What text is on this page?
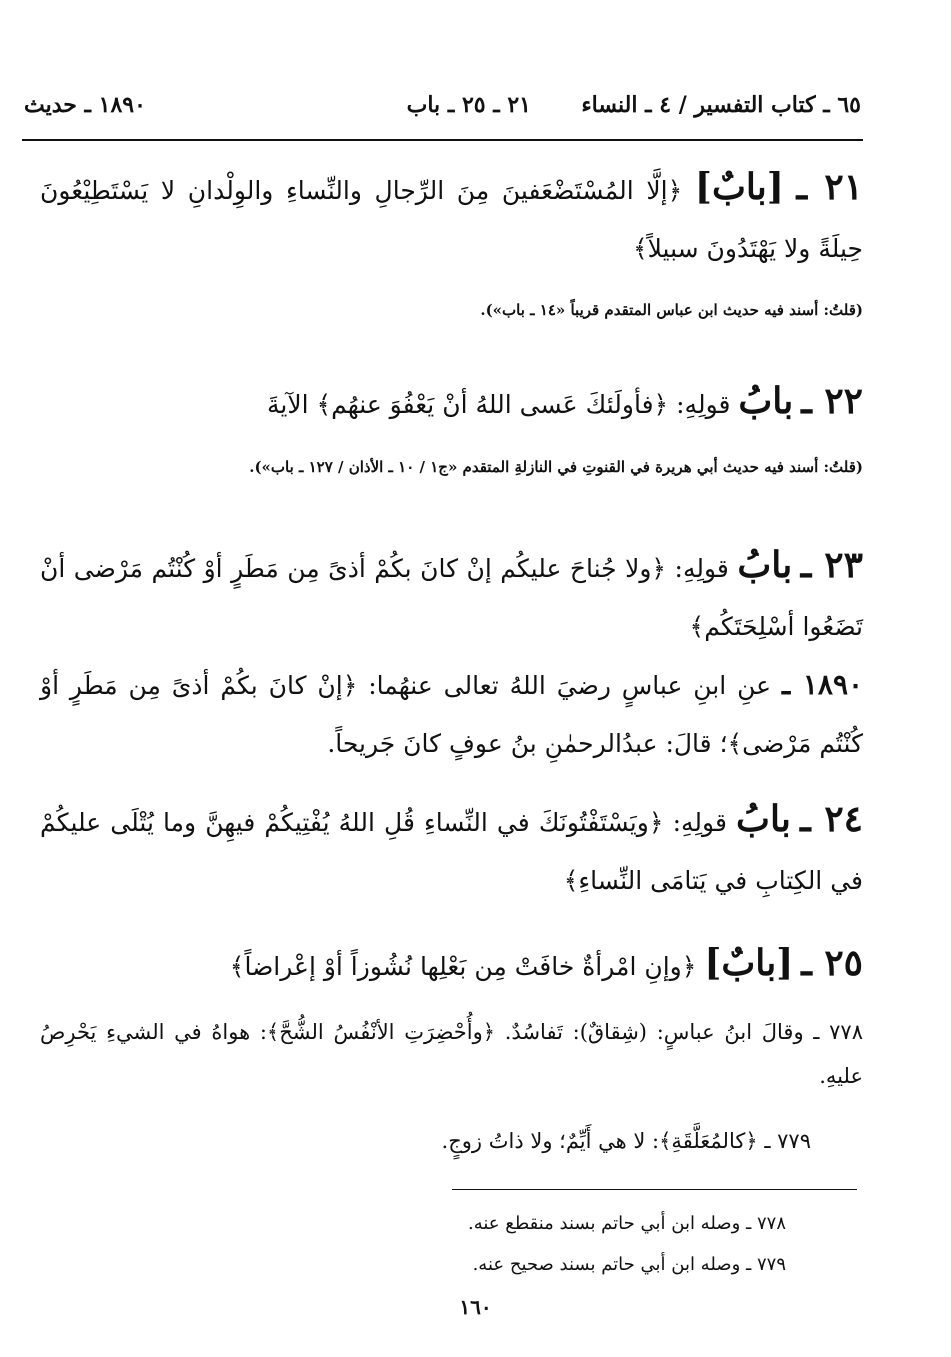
٦٥ ـ كتاب التفسير / ٤ ـ النساء
٢١ ـ ٢٥ ـ باب
١٨٩٠ ـ حديث
٢١ ـ [بابٌ] ﴿إلَّا المُسْتَضْعَفينَ مِنَ الرِّجالِ والنِّساءِ والوِلْدانِ لا يَسْتَطِيْعُونَ حِيلَةً ولا يَهْتَدُونَ سبيلاً﴾
(قلتُ: أسند فيه حديث ابن عباس المتقدم قريباً «١٤ ـ باب»).
٢٢ ـ بابُ قولِهِ: ﴿فأولَئكَ عَسى اللهُ أنْ يَعْفُوَ عنهُم﴾ الآيةَ
(قلتُ: أسند فيه حديث أبي هريرة في القنوتِ في النازلةِ المتقدم «ج١ / ١٠ ـ الأذان / ١٢٧ ـ باب»).
٢٣ ـ بابُ قولِهِ: ﴿ولا جُناحَ عليكُم إنْ كانَ بكُمْ أذىً مِن مَطَرٍ أوْ كُنْتُم مَرْضى أنْ تَضَعُوا أسْلِحَتَكُم﴾
١٨٩٠ ـ عنِ ابنِ عباسٍ رضيَ اللهُ تعالى عنهُما: ﴿إنْ كانَ بكُمْ أذىً مِن مَطَرٍ أوْ كُنْتُم مَرْضى﴾؛ قالَ: عبدُالرحمٰنِ بنُ عوفٍ كانَ جَريحاً.
٢٤ ـ بابُ قولِهِ: ﴿ويَسْتَفْتُونَكَ في النِّساءِ قُلِ اللهُ يُفْتِيكُمْ فيهِنَّ وما يُتْلَى عليكُمْ في الكِتابِ في يَتامَى النِّساءِ﴾
٢٥ ـ [بابٌ] ﴿وإنِ امْرأةٌ خافَتْ مِن بَعْلِها نُشُوزاً أوْ إعْراضاً﴾
٧٧٨ ـ وقالَ ابنُ عباسٍ: (شِقاقٌ): تَفاسُدٌ. ﴿وأُحْضِرَتِ الأنْفُسُ الشُّحَّ﴾: هواهُ في الشيءِ يَحْرِصُ عليهِ.
٧٧٩ ـ ﴿كالمُعَلَّقَةِ﴾: لا هي أَيِّمٌ؛ ولا ذاتُ زوجٍ.
٧٧٨ ـ وصله ابن أبي حاتم بسند منقطع عنه.
٧٧٩ ـ وصله ابن أبي حاتم بسند صحيح عنه.
١٦٠
